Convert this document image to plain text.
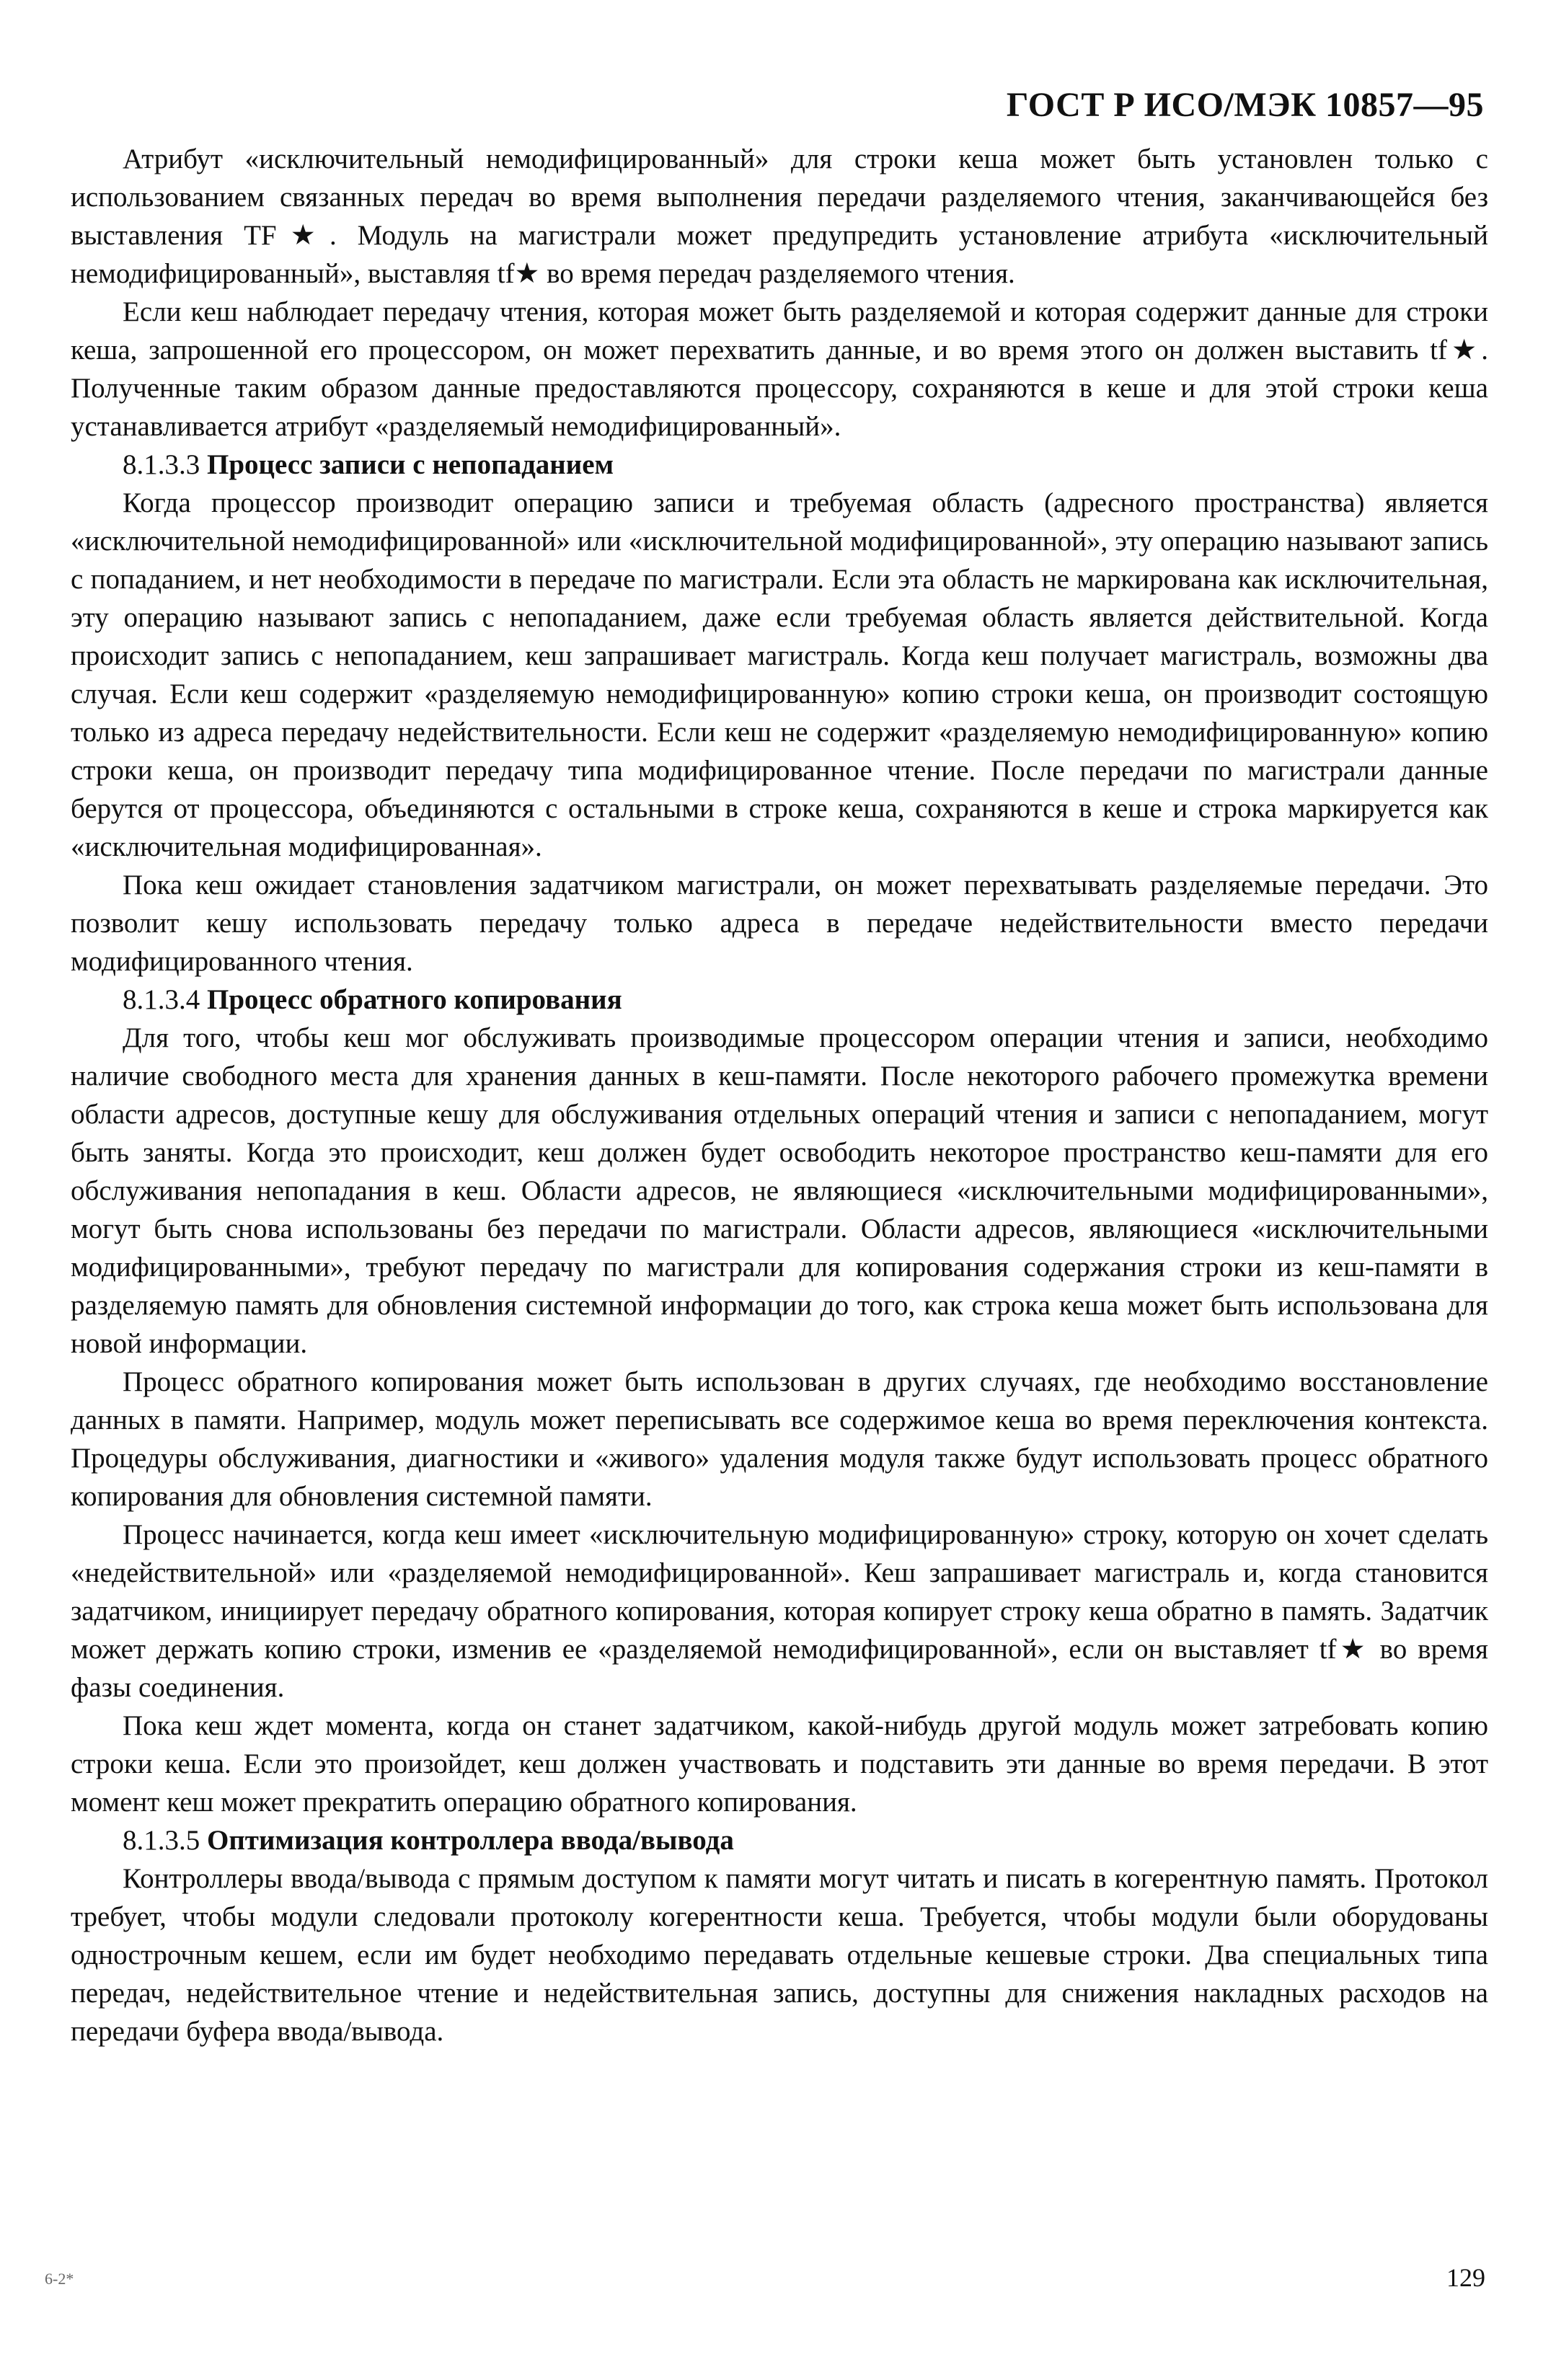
ГОСТ Р ИСО/МЭК 10857—95

Атрибут «исключительный немодифицированный» для строки кеша может быть установлен только с использованием связанных передач во время выполнения передачи разделяемого чтения, заканчивающейся без выставления TF★. Модуль на магистрали может предупредить установление атрибута «исключительный немодифицированный», выставляя tf★ во время передач разделяемого чтения.

Если кеш наблюдает передачу чтения, которая может быть разделяемой и которая содержит данные для строки кеша, запрошенной его процессором, он может перехватить данные, и во время этого он должен выставить tf★. Полученные таким образом данные предоставляются процессору, сохраняются в кеше и для этой строки кеша устанавливается атрибут «разделяемый немодифицированный».

8.1.3.3 Процесс записи с непопаданием

Когда процессор производит операцию записи и требуемая область (адресного пространства) является «исключительной немодифицированной» или «исключительной модифицированной», эту операцию называют запись с попаданием, и нет необходимости в передаче по магистрали. Если эта область не маркирована как исключительная, эту операцию называют запись с непопаданием, даже если требуемая область является действительной. Когда происходит запись с непопаданием, кеш запрашивает магистраль. Когда кеш получает магистраль, возможны два случая. Если кеш содержит «разделяемую немодифицированную» копию строки кеша, он производит состоящую только из адреса передачу недействительности. Если кеш не содержит «разделяемую немодифицированную» копию строки кеша, он производит передачу типа модифицированное чтение. После передачи по магистрали данные берутся от процессора, объединяются с остальными в строке кеша, сохраняются в кеше и строка маркируется как «исключительная модифицированная».

Пока кеш ожидает становления задатчиком магистрали, он может перехватывать разделяемые передачи. Это позволит кешу использовать передачу только адреса в передаче недействительности вместо передачи модифицированного чтения.

8.1.3.4 Процесс обратного копирования

Для того, чтобы кеш мог обслуживать производимые процессором операции чтения и записи, необходимо наличие свободного места для хранения данных в кеш-памяти. После некоторого рабочего промежутка времени области адресов, доступные кешу для обслуживания отдельных операций чтения и записи с непопаданием, могут быть заняты. Когда это происходит, кеш должен будет освободить некоторое пространство кеш-памяти для его обслуживания непопадания в кеш. Области адресов, не являющиеся «исключительными модифицированными», могут быть снова использованы без передачи по магистрали. Области адресов, являющиеся «исключительными модифицированными», требуют передачу по магистрали для копирования содержания строки из кеш-памяти в разделяемую память для обновления системной информации до того, как строка кеша может быть использована для новой информации.

Процесс обратного копирования может быть использован в других случаях, где необходимо восстановление данных в памяти. Например, модуль может переписывать все содержимое кеша во время переключения контекста. Процедуры обслуживания, диагностики и «живого» удаления модуля также будут использовать процесс обратного копирования для обновления системной памяти.

Процесс начинается, когда кеш имеет «исключительную модифицированную» строку, которую он хочет сделать «недействительной» или «разделяемой немодифицированной». Кеш запрашивает магистраль и, когда становится задатчиком, инициирует передачу обратного копирования, которая копирует строку кеша обратно в память. Задатчик может держать копию строки, изменив ее «разделяемой немодифицированной», если он выставляет tf★ во время фазы соединения.

Пока кеш ждет момента, когда он станет задатчиком, какой-нибудь другой модуль может затребовать копию строки кеша. Если это произойдет, кеш должен участвовать и подставить эти данные во время передачи. В этот момент кеш может прекратить операцию обратного копирования.

8.1.3.5 Оптимизация контроллера ввода/вывода

Контроллеры ввода/вывода с прямым доступом к памяти могут читать и писать в когерентную память. Протокол требует, чтобы модули следовали протоколу когерентности кеша. Требуется, чтобы модули были оборудованы однострочным кешем, если им будет необходимо передавать отдельные кешевые строки. Два специальных типа передач, недействительное чтение и недействительная запись, доступны для снижения накладных расходов на передачи буфера ввода/вывода.

6-2*	129
